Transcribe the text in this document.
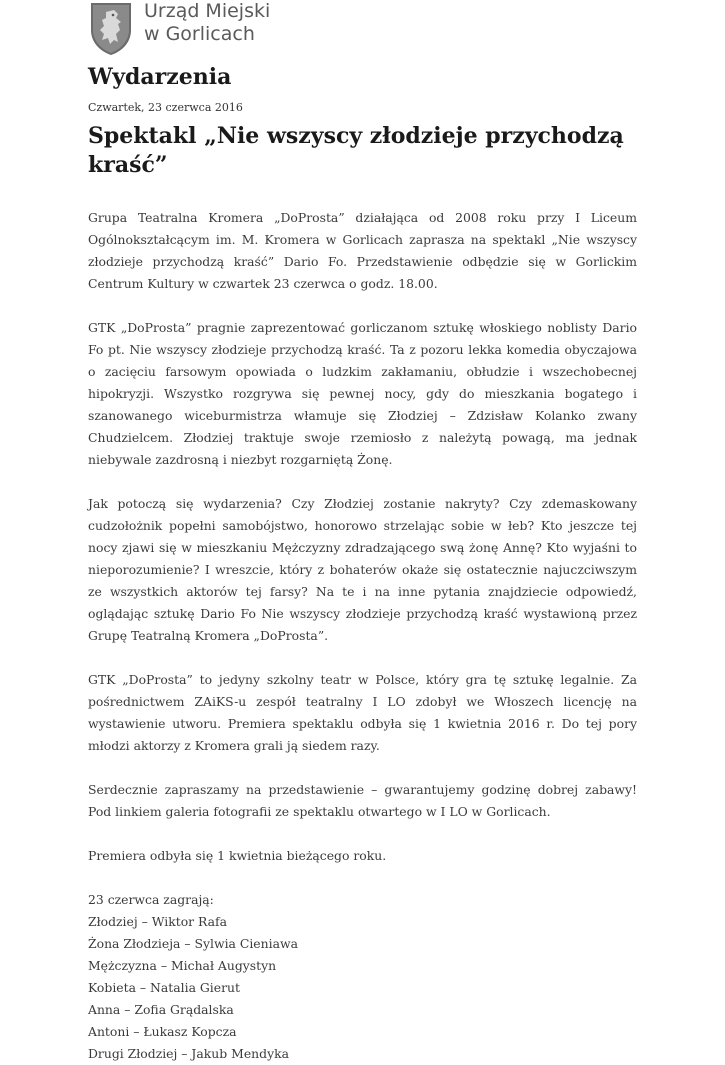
Urząd Miejski
w Gorlicach
Wydarzenia
Czwartek, 23 czerwca 2016
Spektakl „Nie wszyscy złodzieje przychodzą kraść”

Grupa Teatralna Kromera „DoProsta” działająca od 2008 roku przy I Liceum Ogólnokształcącym im. M. Kromera w Gorlicach zaprasza na spektakl „Nie wszyscy złodzieje przychodzą kraść” Dario Fo. Przedstawienie odbędzie się w Gorlickim Centrum Kultury w czwartek 23 czerwca o godz. 18.00.

GTK „DoProsta” pragnie zaprezentować gorliczanom sztukę włoskiego noblisty Dario Fo pt. Nie wszyscy złodzieje przychodzą kraść. Ta z pozoru lekka komedia obyczajowa o zacięciu farsowym opowiada o ludzkim zakłamaniu, obłudzie i wszechobecnej hipokryzji. Wszystko rozgrywa się pewnej nocy, gdy do mieszkania bogatego i szanowanego wiceburmistrza włamuje się Złodziej – Zdzisław Kolanko zwany Chudzielcem. Złodziej traktuje swoje rzemiosło z należytą powagą, ma jednak niebywale zazdrosną i niezbyt rozgarniętą Żonę.

Jak potoczą się wydarzenia? Czy Złodziej zostanie nakryty? Czy zdemaskowany cudzołożnik popełni samobójstwo, honorowo strzelając sobie w łeb? Kto jeszcze tej nocy zjawi się w mieszkaniu Mężczyzny zdradzającego swą żonę Annę? Kto wyjaśni to nieporozumienie? I wreszcie, który z bohaterów okaże się ostatecznie najuczciwszym ze wszystkich aktorów tej farsy? Na te i na inne pytania znajdziecie odpowiedź, oglądając sztukę Dario Fo Nie wszyscy złodzieje przychodzą kraść wystawioną przez Grupę Teatralną Kromera „DoProsta”.

GTK „DoProsta” to jedyny szkolny teatr w Polsce, który gra tę sztukę legalnie. Za pośrednictwem ZAiKS-u zespół teatralny I LO zdobył we Włoszech licencję na wystawienie utworu. Premiera spektaklu odbyła się 1 kwietnia 2016 r. Do tej pory młodzi aktorzy z Kromera grali ją siedem razy.

Serdecznie zapraszamy na przedstawienie – gwarantujemy godzinę dobrej zabawy! Pod linkiem galeria fotografii ze spektaklu otwartego w I LO w Gorlicach.

Premiera odbyła się 1 kwietnia bieżącego roku.

23 czerwca zagrają:
Złodziej – Wiktor Rafa
Żona Złodzieja – Sylwia Cieniawa
Mężczyzna – Michał Augystyn
Kobieta – Natalia Gierut
Anna – Zofia Grądalska
Antoni – Łukasz Kopcza
Drugi Złodziej – Jakub Mendyka
